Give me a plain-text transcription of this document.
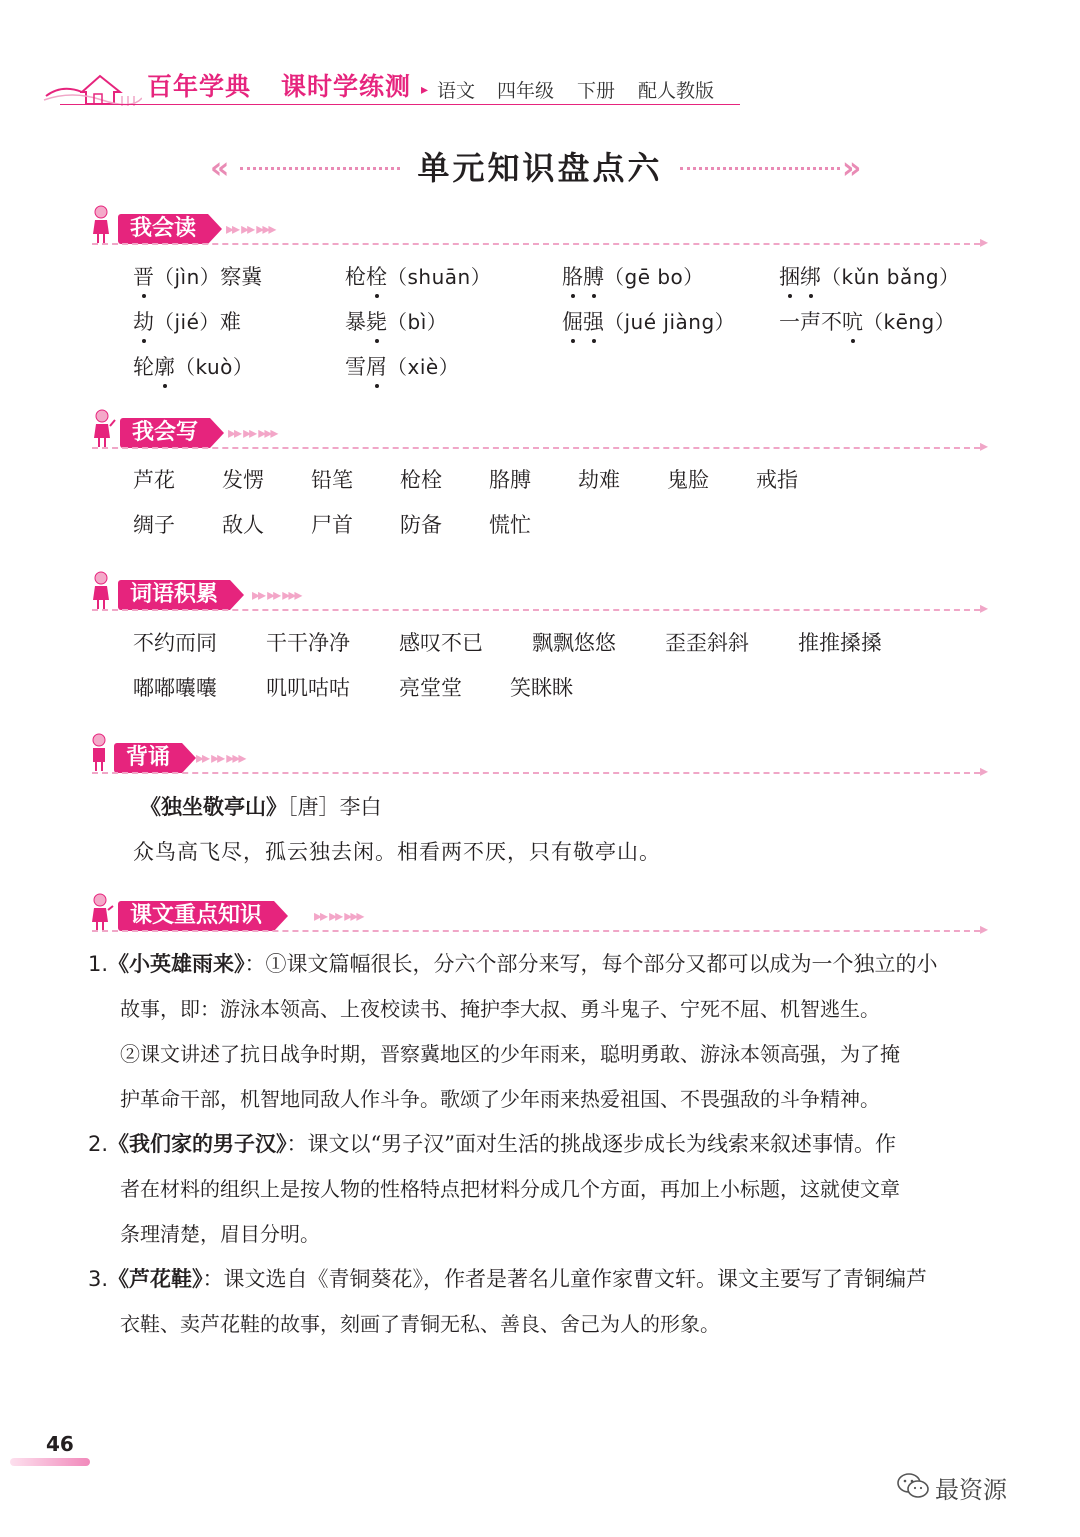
百年学典 课时学练测 ▸ 语文 四年级 下册 配人教版
«	单元知识盘点六	»
我会读	▸▸ ▸▸ ▸▸▸
▸
晋（jìn）察冀	枪栓（shuān）	胳膊（gē bo）	捆绑（kǔn bǎng）
劫（jié）难	暴毙（bì）	倔强（jué jiàng） 一声不吭（kēng）
轮廓（kuò）	雪屑（xiè）
我会写	▸▸ ▸▸ ▸▸▸
▸
芦花 发愣 铅笔 枪栓 胳膊 劫难 鬼脸 戒指
绸子 敌人 尸首 防备 慌忙
词语积累	▸▸ ▸▸ ▸▸▸
▸
不约而同 干干净净 感叹不已 飘飘悠悠 歪歪斜斜 推推搡搡
嘟嘟囔囔 叽叽咕咕 亮堂堂 笑眯眯
背诵	▸▸ ▸▸ ▸▸▸
▸
《独坐敬亭山》［唐］李白
众鸟高飞尽，孤云独去闲。相看两不厌，只有敬亭山。
课文重点知识	▸▸ ▸▸ ▸▸▸
▸
1.《小英雄雨来》：①课文篇幅很长，分六个部分来写，每个部分又都可以成为一个独立的小
故事，即：游泳本领高、上夜校读书、掩护李大叔、勇斗鬼子、宁死不屈、机智逃生。
②课文讲述了抗日战争时期，晋察冀地区的少年雨来，聪明勇敢、游泳本领高强，为了掩
护革命干部，机智地同敌人作斗争。歌颂了少年雨来热爱祖国、不畏强敌的斗争精神。
2.《我们家的男子汉》：课文以“男子汉”面对生活的挑战逐步成长为线索来叙述事情。作
者在材料的组织上是按人物的性格特点把材料分成几个方面，再加上小标题，这就使文章
条理清楚，眉目分明。
3.《芦花鞋》：课文选自《青铜葵花》，作者是著名儿童作家曹文轩。课文主要写了青铜编芦
衣鞋、卖芦花鞋的故事，刻画了青铜无私、善良、舍己为人的形象。
46
最资源
